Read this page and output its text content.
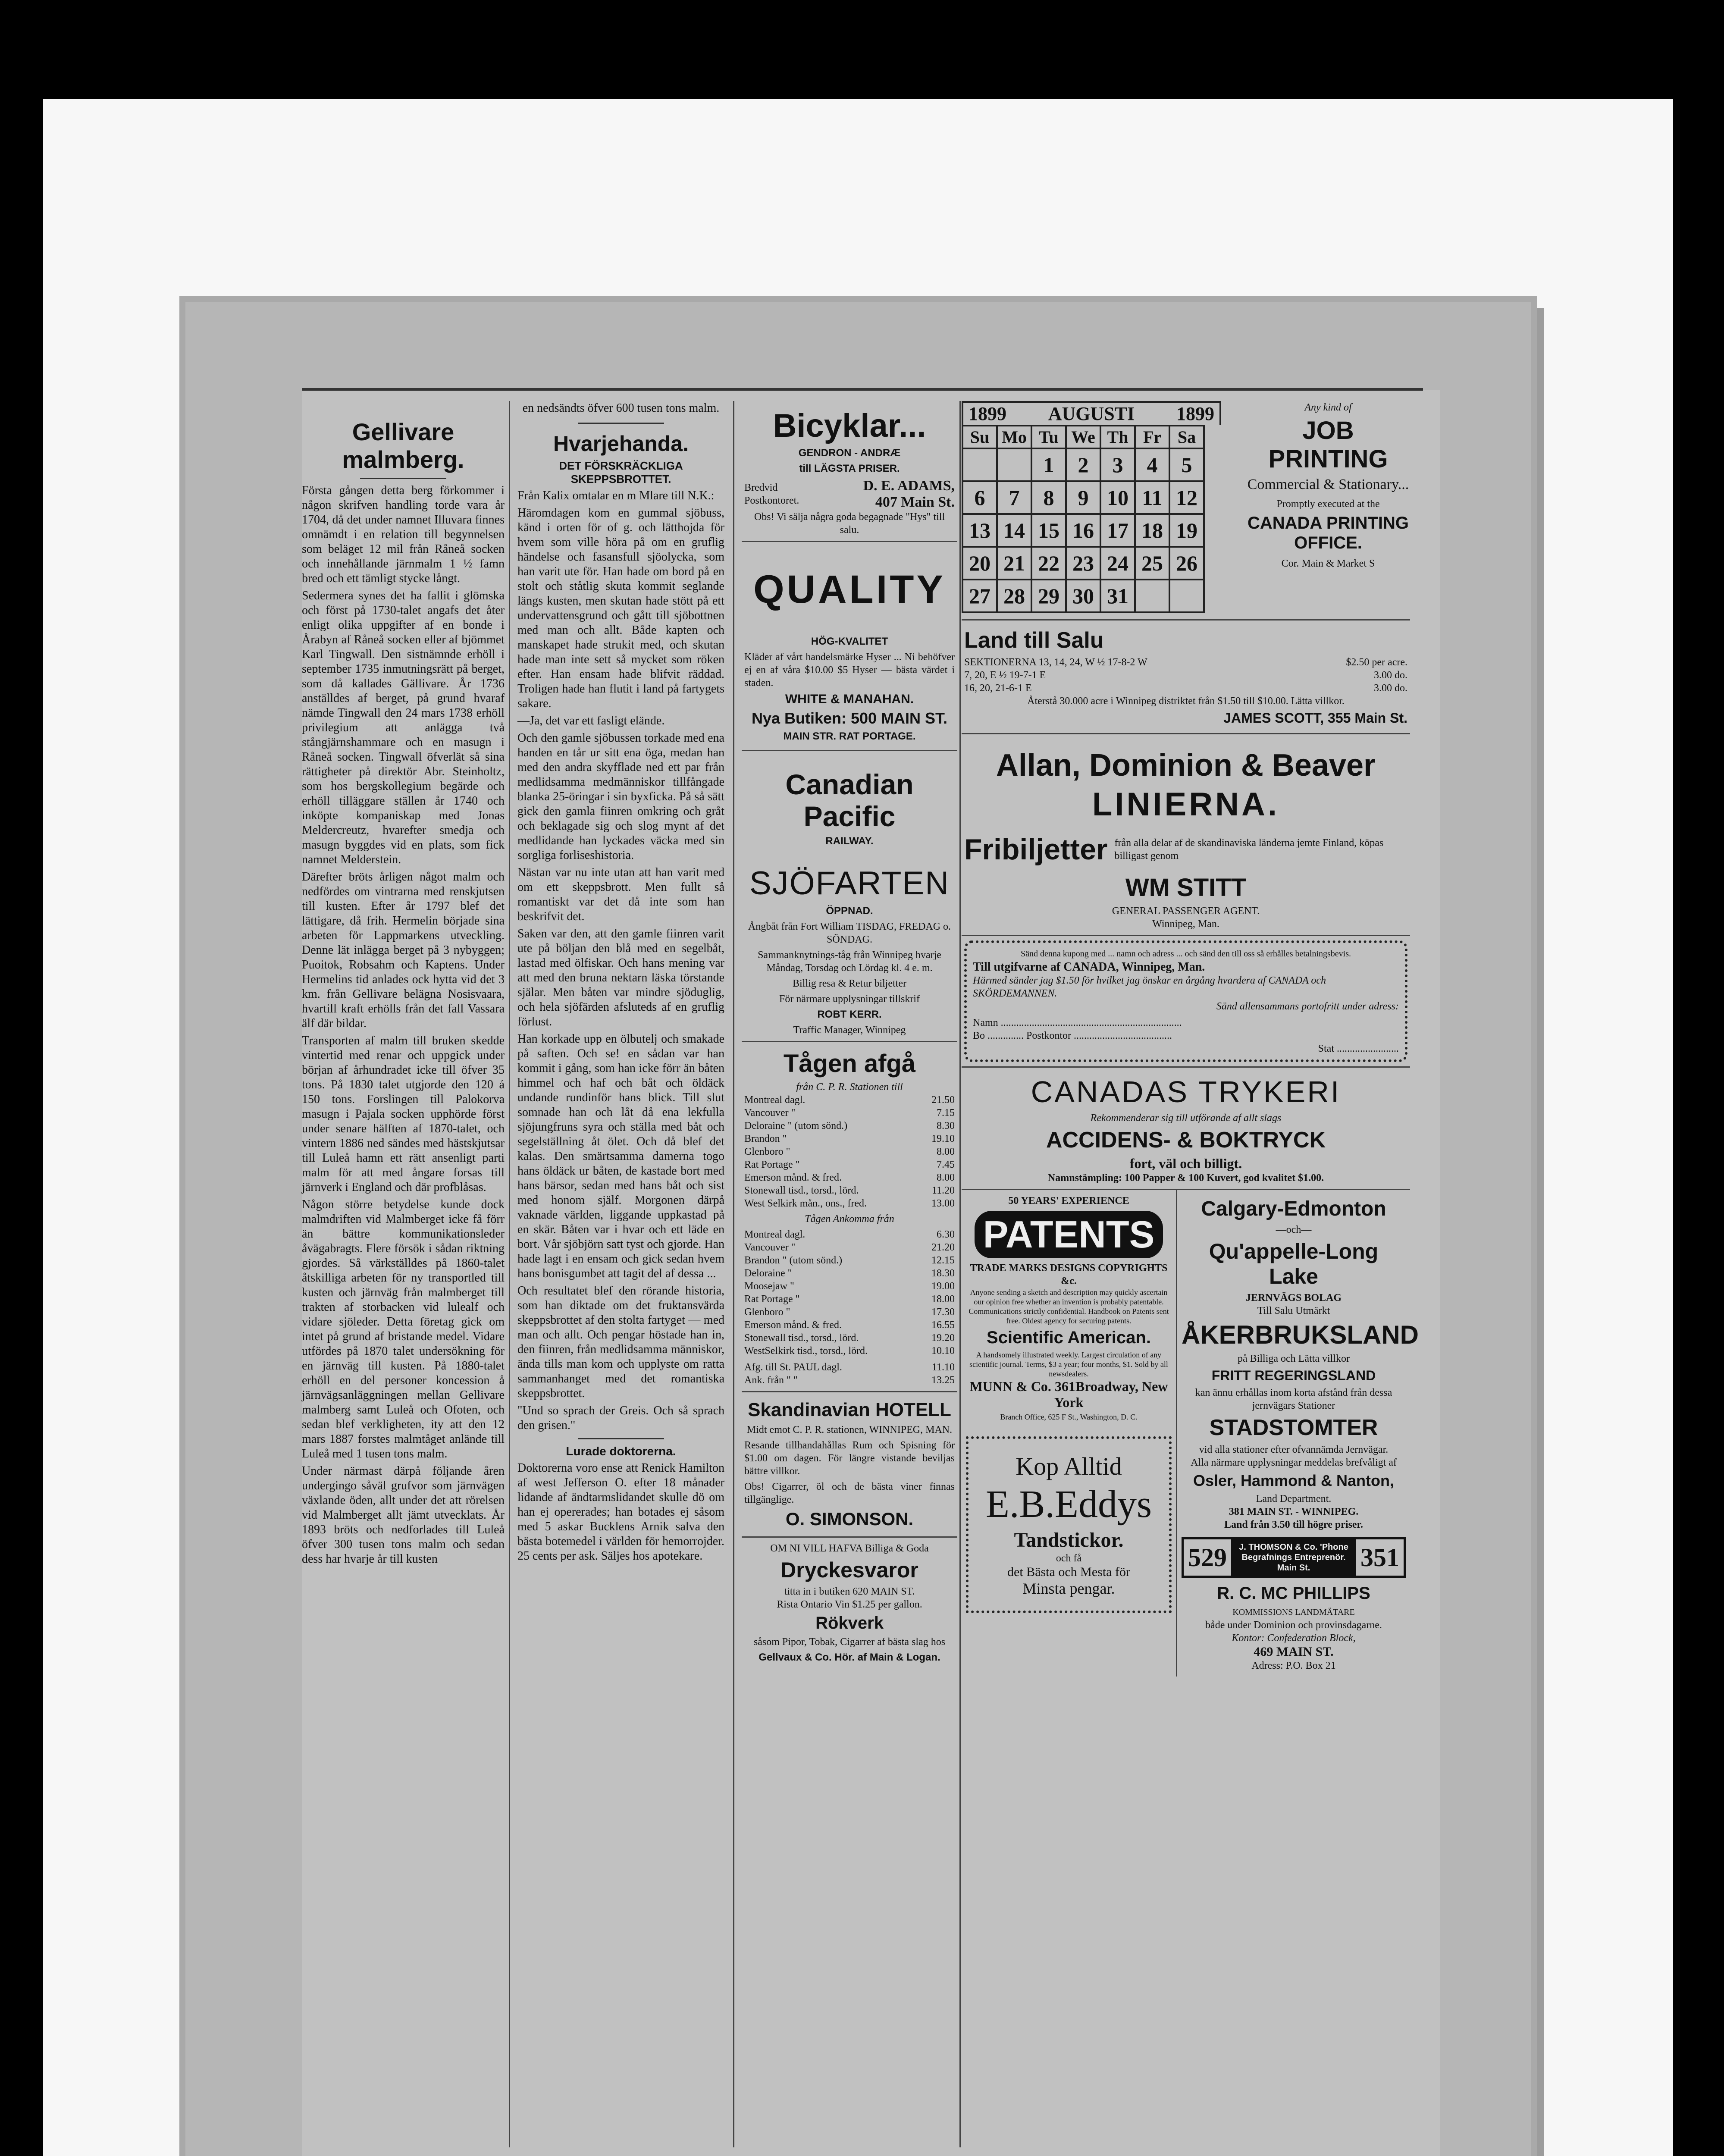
Gellivare malmberg.

Första gången detta berg förkommer i någon skrifven handling torde vara år 1704, då det under namnet Illuvara finnes omnämdt i en relation till begynnelsen som beläget 12 mil från Råneå socken och innehållande järnmalm 1 ½ famn bred och ett tämligt stycke långt.

Sedermera synes det ha fallit i glömska och först på 1730-talet angafs det åter enligt olika uppgifter af en bonde i Årabyn af Råneå socken eller af bjömmet Karl Tingwall. Den sistnämnde erhöll i september 1735 inmutningsrätt på berget, som då kallades Gällivare. År 1736 anställdes af berget, på grund hvaraf nämde Tingwall den 24 mars 1738 erhöll privilegium att anlägga två stångjärnshammare och en masugn i Råneå socken. Tingwall öfverlät så sina rättigheter på direktör Abr. Steinholtz, som hos bergskollegium begärde och erhöll tilläggare ställen år 1740 och inköpte kompaniskap med Jonas Meldercreutz, hvarefter smedja och masugn byggdes vid en plats, som fick namnet Melderstein.

Därefter bröts årligen något malm och nedfördes om vintrarna med renskjutsen till kusten. Efter år 1797 blef det lättigare, då frih. Hermelin började sina arbeten för Lappmarkens utveckling. Denne lät inlägga berget på 3 nybyggen; Puoitok, Robsahm och Kaptens. Under Hermelins tid anlades ock hytta vid det 3 km. från Gellivare belägna Nosisvaara, hvartill kraft erhölls från det fall Vassara älf där bildar.

Transporten af malm till bruken skedde vintertid med renar och uppgick under början af århundradet icke till öfver 35 tons. På 1830 talet utgjorde den 120 á 150 tons. Forslingen till Palokorva masugn i Pajala socken upphörde först under senare hälften af 1870-talet, och vintern 1886 ned sändes med hästskjutsar till Luleå hamn ett rätt ansenligt parti malm för att med ångare forsas till järnverk i England och där profblåsas.

Någon större betydelse kunde dock malmdriften vid Malmberget icke få förr än bättre kommunikationsleder åvägabragts. Flere försök i sådan riktning gjordes. Så värkställdes på 1860-talet åtskilliga arbeten för ny transportled till kusten och järnväg från malmberget till trakten af storbacken vid lulealf och vidare sjöleder. Detta företag gick om intet på grund af bristande medel. Vidare utfördes på 1870 talet undersökning för en järnväg till kusten. På 1880-talet erhöll en del personer koncession å järnvägsanläggningen mellan Gellivare malmberg samt Luleå och Ofoten, och sedan blef verkligheten, ity att den 12 mars 1887 forstes malmtåget anlände till Luleå med 1 tusen tons malm.

Under närmast därpå följande åren undergingo såväl grufvor som järnvägen växlande öden, allt under det att rörelsen vid Malmberget allt jämt utvecklats. År 1893 bröts och nedforlades till Luleå öfver 300 tusen tons malm och sedan dess har hvarje år till kusten

en nedsändts öfver 600 tusen tons malm.

Hvarjehanda.
DET FÖRSKRÄCKLIGA SKEPPSBROTTET.

Från Kalix omtalar en m Mlare till N.K.:

Häromdagen kom en gummal sjöbuss, känd i orten för of g. och lätthojda för hvem som ville höra på om en gruflig händelse och fasansfull sjöolycka, som han varit ute för. Han hade om bord på en stolt och ståtlig skuta kommit seglande längs kusten, men skutan hade stött på ett undervattensgrund och gått till sjöbottnen med man och allt. Både kapten och manskapet hade strukit med, och skutan hade man inte sett så mycket som röken efter. Han ensam hade blifvit räddad. Troligen hade han flutit i land på fartygets sakare.

—Ja, det var ett fasligt elände.

Och den gamle sjöbussen torkade med ena handen en tår ur sitt ena öga, medan han med den andra skyfflade ned ett par från medlidsamma medmänniskor tillfångade blanka 25-öringar i sin byxficka. På så sätt gick den gamla fiinren omkring och gråt och beklagade sig och slog mynt af det medlidande han lyckades väcka med sin sorgliga forliseshistoria.

Nästan var nu inte utan att han varit med om ett skeppsbrott. Men fullt så romantiskt var det då inte som han beskrifvit det.

Saken var den, att den gamle fiinren varit ute på böljan den blå med en segelbåt, lastad med ölfiskar. Och hans mening var att med den bruna nektarn läska törstande själar. Men båten var mindre sjöduglig, och hela sjöfärden afsluteds af en gruflig förlust.

Han korkade upp en ölbutelj och smakade på saften. Och se! en sådan var han kommit i gång, som han icke förr än båten himmel och haf och båt och öldäck undande rundinför hans blick. Till slut somnade han och låt då ena lekfulla sjöjungfruns syra och ställa med båt och segelställning åt ölet. Och då blef det kalas. Den smärtsamma damerna togo hans öldäck ur båten, de kastade bort med hans bärsor, sedan med hans båt och sist med honom själf. Morgonen därpå vaknade världen, liggande uppkastad på en skär. Båten var i hvar och ett läde en bort. Vår sjöbjörn satt tyst och gjorde. Han hade lagt i en ensam och gick sedan hvem hans bonisgumbet att tagit del af dessa ...

Och resultatet blef den rörande historia, som han diktade om det fruktansvärda skeppsbrottet af den stolta fartyget — med man och allt. Och pengar höstade han in, den fiinren, från medlidsamma människor, ända tills man kom och upplyste om ratta sammanhanget med det romantiska skeppsbrottet.

"Und so sprach der Greis. Och så sprach den grisen."

Lurade doktorerna.

Doktorerna voro ense att Renick Hamilton af west Jefferson O. efter 18 månader lidande af ändtarmslidandet skulle dö om han ej opererades; han botades ej såsom med 5 askar Bucklens Arnik salva den bästa botemedel i världen för hemorrojder. 25 cents per ask. Säljes hos apotekare.

Bicyklar...
GENDRON - ANDRÆ
till LÄGSTA PRISER.
Bredvid Postkontoret.
D. E. ADAMS,
407 Main St.
Obs! Vi sälja några goda begagnade "Hys" till salu.
QUALITY
HÖG-KVALITET

Kläder af vårt handelsmärke Hyser ... Ni behöfver ej en af våra $10.00 $5 Hyser — bästa värdet i staden.

WHITE & MANAHAN.
Nya Butiken: 500 MAIN ST.
MAIN STR. RAT PORTAGE.
Canadian Pacific
RAILWAY.
SJÖFARTEN
ÖPPNAD.

Ångbåt från Fort William TISDAG, FREDAG o. SÖNDAG.

Sammanknytnings-tåg från Winnipeg hvarje Måndag, Torsdag och Lördag kl. 4 e. m.

Billig resa & Retur biljetter

För närmare upplysningar tillskrif

ROBT KERR.
Traffic Manager, Winnipeg
Tågen afgå
från C. P. R. Stationen till
Montreal dagl.	21.50
Vancouver "	7.15
Deloraine " (utom sönd.)	8.30
Brandon "	19.10
Glenboro "	8.00
Rat Portage "	7.45
Emerson månd. & fred.	8.00
Stonewall tisd., torsd., lörd.	11.20
West Selkirk mån., ons., fred.	13.00
Tågen Ankomma från
Montreal dagl.	6.30
Vancouver "	21.20
Brandon " (utom sönd.)	12.15
Deloraine "	18.30
Moosejaw "	19.00
Rat Portage "	18.00
Glenboro "	17.30
Emerson månd. & fred.	16.55
Stonewall tisd., torsd., lörd.	19.20
WestSelkirk tisd., torsd., lörd.	10.10
Afg. till St. PAUL dagl.	11.10
Ank. från " "	13.25
Skandinavian HOTELL

Midt emot C. P. R. stationen, WINNIPEG, MAN.

Resande tillhandahållas Rum och Spisning för $1.00 om dagen. För längre vistande beviljas bättre villkor.

Obs! Cigarrer, öl och de bästa viner finnas tillgänglige.

O. SIMONSON.
OM NI VILL HAFVA Billiga & Goda
Dryckesvaror
titta in i butiken 620 MAIN ST.
Rista Ontario Vin $1.25 per gallon.
Rökverk
såsom Pipor, Tobak, Cigarrer af bästa slag hos
Gellvaux & Co. Hör. af Main & Logan.
1899 AUGUSTI 1899
Su	Mo	Tu	We	Th	Fr	Sa
		1	2	3	4	5
6	7	8	9	10	11	12
13	14	15	16	17	18	19
20	21	22	23	24	25	26
27	28	29	30	31		
Any kind of
JOB PRINTING
Commercial & Stationary...
Promptly executed at the
CANADA PRINTING OFFICE.
Cor. Main & Market S
Land till Salu
SEKTIONERNA 13, 14, 24, W ½ 17-8-2 W	$2.50 per acre.
7, 20, E ½ 19-7-1 E	3.00 do.
16, 20, 21-6-1 E	3.00 do.
Återstå 30.000 acre i Winnipeg distriktet från $1.50 till $10.00. Lätta villkor.
JAMES SCOTT, 355 Main St.
Allan, Dominion & Beaver
LINIERNA.
Fribiljetter från alla delar af de skandinaviska länderna jemte Finland, köpas billigast genom
WM STITT
GENERAL PASSENGER AGENT.
Winnipeg, Man.
Sänd denna kupong med ... namn och adress ... och sänd den till oss så erhålles betalningsbevis.
Till utgifvarne af CANADA, Winnipeg, Man.
Härmed sänder jag $1.50 för hvilket jag önskar en årgång hvardera af CANADA och SKÖRDEMANNEN.
Sänd allensammans portofritt under adress:
Namn ......................................................................
Bo .............. Postkontor ......................................
Stat ........................
CANADAS TRYKERI
Rekommenderar sig till utförande af allt slags
ACCIDENS- & BOKTRYCK
fort, väl och billigt.
Namnstämpling: 100 Papper & 100 Kuvert, god kvalitet $1.00.
50 YEARS' EXPERIENCE
PATENTS
TRADE MARKS DESIGNS COPYRIGHTS &c.
Anyone sending a sketch and description may quickly ascertain our opinion free whether an invention is probably patentable. Communications strictly confidential. Handbook on Patents sent free. Oldest agency for securing patents.
Scientific American.
A handsomely illustrated weekly. Largest circulation of any scientific journal. Terms, $3 a year; four months, $1. Sold by all newsdealers.
MUNN & Co. 361Broadway, New York
Branch Office, 625 F St., Washington, D. C.
Kop Alltid
E.B.Eddys
Tandstickor.
och få
det Bästa och Mesta för
Minsta pengar.
Calgary-Edmonton
—och—
Qu'appelle-Long Lake
JERNVÄGS BOLAG
Till Salu Utmärkt
ÅKERBRUKSLAND
på Billiga och Lätta villkor
FRITT REGERINGSLAND
kan ännu erhållas inom korta afstånd från dessa jernvägars Stationer
STADSTOMTER
vid alla stationer efter ofvannämda Jernvägar.
Alla närmare upplysningar meddelas brefvåligt af
Osler, Hammond & Nanton,
Land Department.
381 MAIN ST. - WINNIPEG.
Land från 3.50 till högre priser.
529	J. THOMSON & Co. 'Phone Begrafnings Entreprenör.
Main St.	351
R. C. MC PHILLIPS
KOMMISSIONS LANDMÄTARE
både under Dominion och provinsdagarne.
Kontor: Confederation Block,
469 MAIN ST.
Adress: P.O. Box 21
